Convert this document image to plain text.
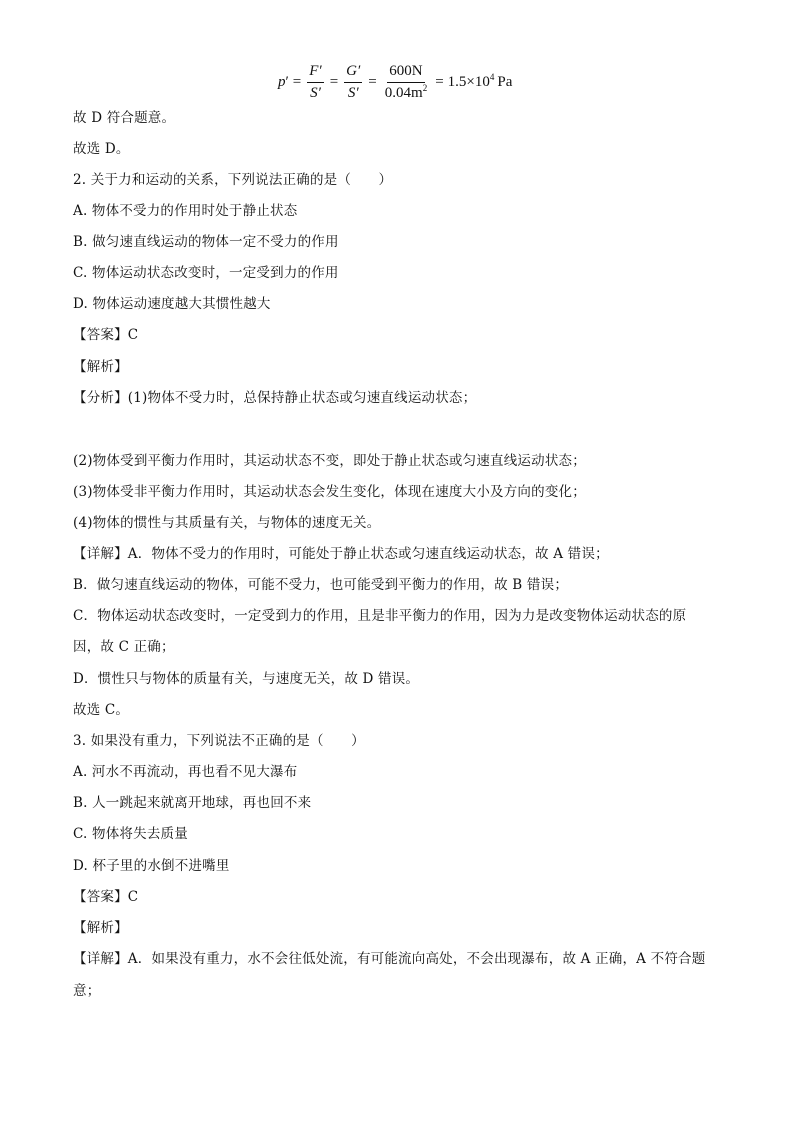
p ′ = $\frac{F'}{S'} = \frac{G'}{S'} = \frac{600N}{0.04m^2} = 1.5\times 10^4$ Pa
故 D 符合题意。
故选 D。
2. 关于力和运动的关系，下列说法正确的是（　　）
A. 物体不受力的作用时处于静止状态
B. 做匀速直线运动的物体一定不受力的作用
C. 物体运动状态改变时，一定受到力的作用
D. 物体运动速度越大其惯性越大
【答案】C
【解析】
【分析】(1)物体不受力时，总保持静止状态或匀速直线运动状态；
(2)物体受到平衡力作用时，其运动状态不变，即处于静止状态或匀速直线运动状态；
(3)物体受非平衡力作用时，其运动状态会发生变化，体现在速度大小及方向的变化；
(4)物体的惯性与其质量有关，与物体的速度无关。
【详解】A．物体不受力的作用时，可能处于静止状态或匀速直线运动状态，故 A 错误；
B．做匀速直线运动的物体，可能不受力，也可能受到平衡力的作用，故 B 错误；
C．物体运动状态改变时，一定受到力的作用，且是非平衡力的作用，因为力是改变物体运动状态的原
因，故 C 正确；
D．惯性只与物体的质量有关，与速度无关，故 D 错误。
故选 C。
3. 如果没有重力，下列说法不正确的是（　　）
A. 河水不再流动，再也看不见大瀑布
B. 人一跳起来就离开地球，再也回不来
C. 物体将失去质量
D. 杯子里的水倒不进嘴里
【答案】C
【解析】
【详解】A．如果没有重力，水不会往低处流，有可能流向高处，不会出现瀑布，故 A 正确，A 不符合题
意；
